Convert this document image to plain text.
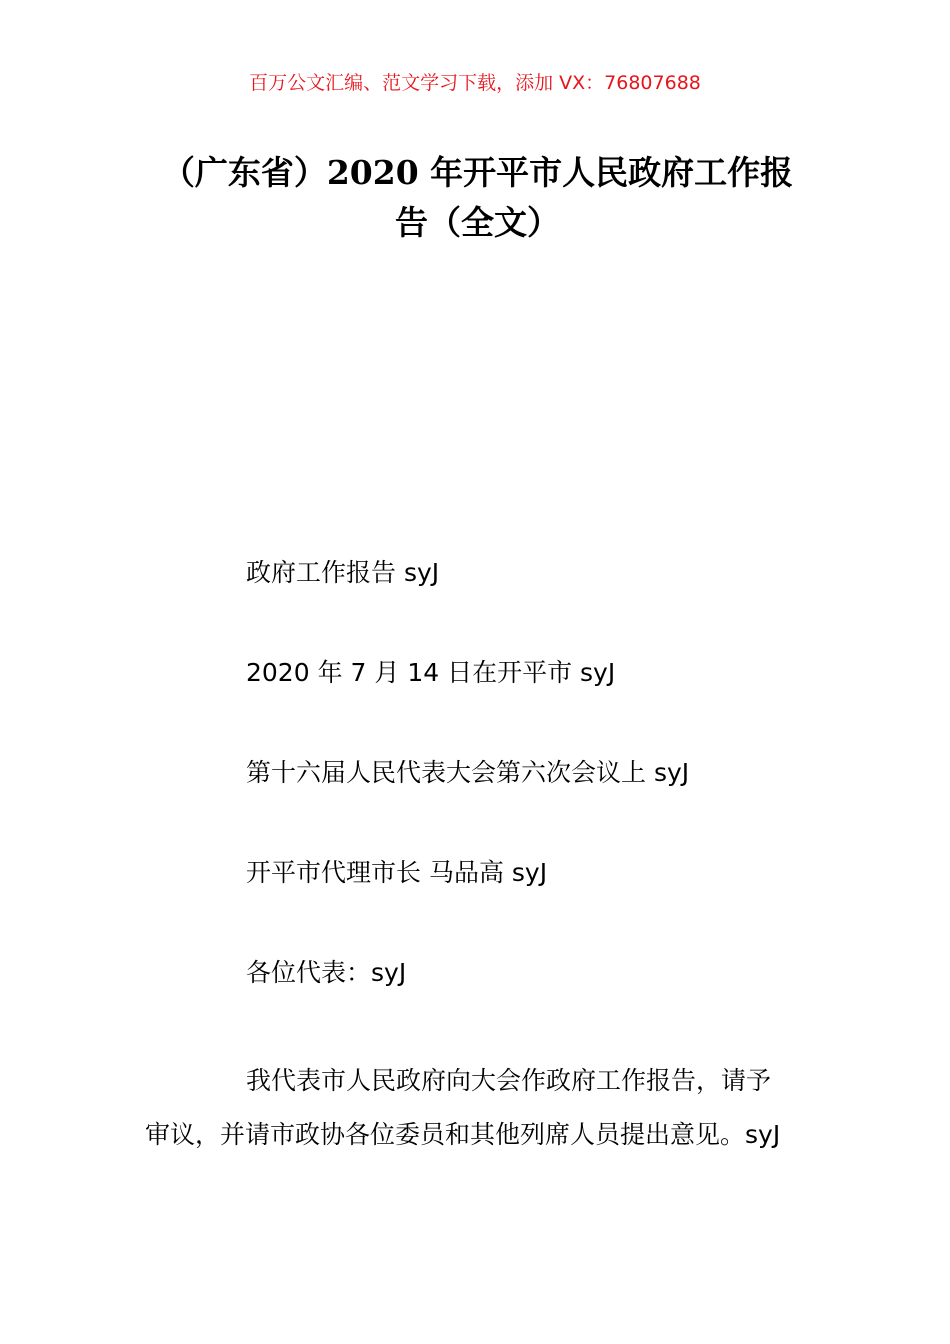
百万公文汇编、范文学习下载，添加 VX：76807688
（广东省）2020 年开平市人民政府工作报
告（全文）
政府工作报告 syJ
2020 年 7 月 14 日在开平市 syJ
第十六届人民代表大会第六次会议上 syJ
开平市代理市长 马品高 syJ
各位代表：syJ
我代表市人民政府向大会作政府工作报告，请予
审议，并请市政协各位委员和其他列席人员提出意见。syJ
